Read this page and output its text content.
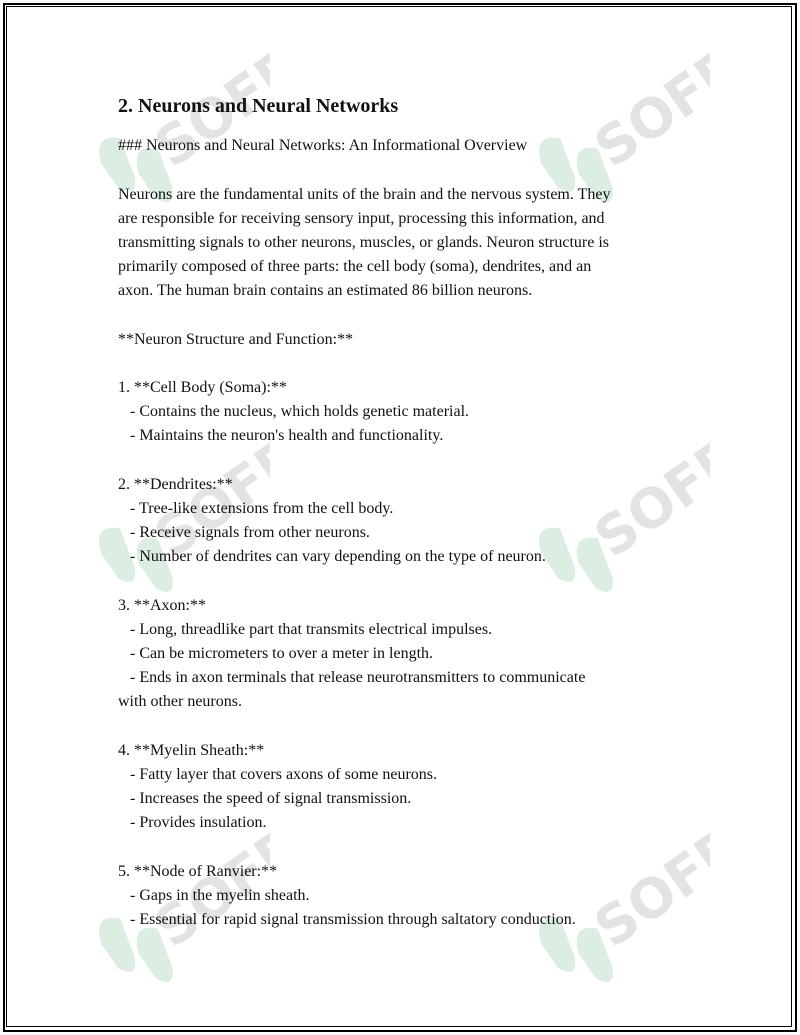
SOFF	SOFF
SOFF	SOFF
SOFF	SOFF
2. Neurons and Neural Networks
### Neurons and Neural Networks: An Informational Overview
Neurons are the fundamental units of the brain and the nervous system. They
are responsible for receiving sensory input, processing this information, and
transmitting signals to other neurons, muscles, or glands. Neuron structure is
primarily composed of three parts: the cell body (soma), dendrites, and an
axon. The human brain contains an estimated 86 billion neurons.
**Neuron Structure and Function:**
1. **Cell Body (Soma):**
- Contains the nucleus, which holds genetic material.
- Maintains the neuron's health and functionality.
2. **Dendrites:**
- Tree-like extensions from the cell body.
- Receive signals from other neurons.
- Number of dendrites can vary depending on the type of neuron.
3. **Axon:**
- Long, threadlike part that transmits electrical impulses.
- Can be micrometers to over a meter in length.
- Ends in axon terminals that release neurotransmitters to communicate
with other neurons.
4. **Myelin Sheath:**
- Fatty layer that covers axons of some neurons.
- Increases the speed of signal transmission.
- Provides insulation.
5. **Node of Ranvier:**
- Gaps in the myelin sheath.
- Essential for rapid signal transmission through saltatory conduction.
